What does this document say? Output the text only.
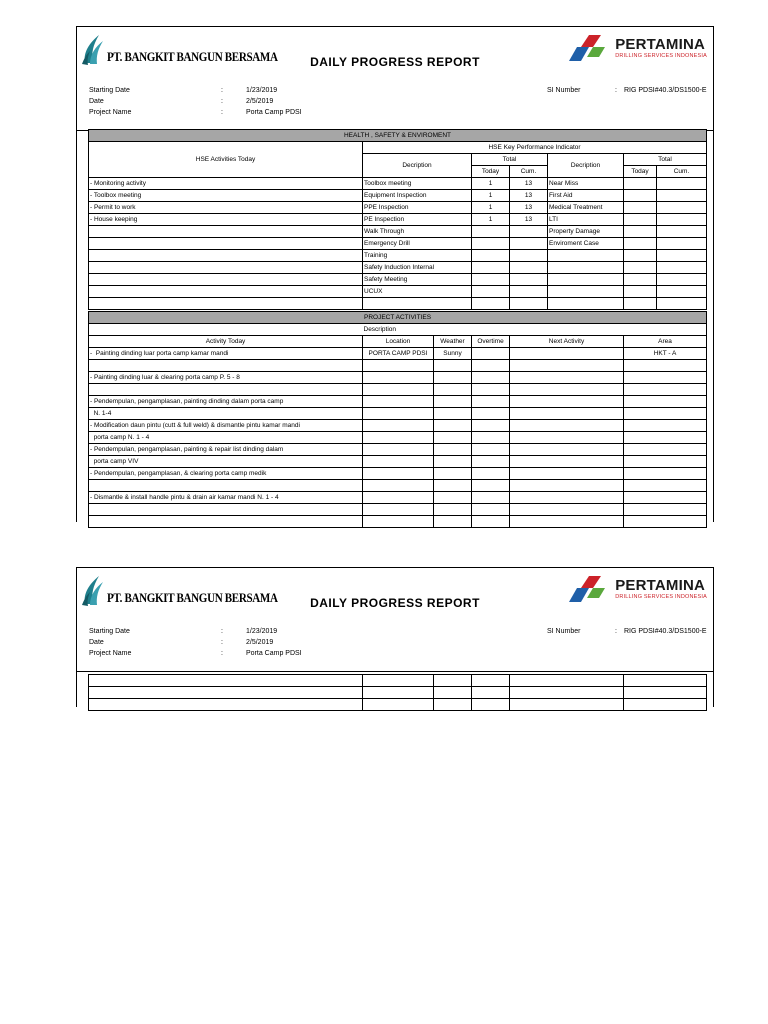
PT. BANGKIT BANGUN BERSAMA	DAILY PROGRESS REPORT
PERTAMINA
DRILLING SERVICES INDONESIA
Starting Date	:	1/23/2019
Date	:	2/5/2019
Project Name	:	Porta Camp PDSI
SI Number	:	RIG PDSI#40.3/DS1500-E
HEALTH , SAFETY & ENVIROMENT						
HSE Activities Today	HSE Key Performance Indicator					
	Decription	Total		Decription	Total	
		Today	Cum.		Today	Cum.
- Monitoring activity	Toolbox meeting	1	13	Near Miss		
- Toolbox meeting	Equipment Inspection	1	13	First Aid		
- Permit to work	PPE Inspection	1	13	Medical Treatment		
- House keeping	PE Inspection	1	13	LTI		
	Walk Through			Property Damage		
	Emergency Drill			Enviroment Case		
	Training					
	Safety Induction Internal					
	Safety Meeting					
	UCUX					

PROJECT ACTIVITIES					
	Description				
Activity Today	Location	Weather	Overtime	Next Activity	Area
-  Painting dinding luar porta camp kamar mandi	PORTA CAMP PDSI	Sunny			HKT - A

- Painting dinding luar & clearing porta camp P. 5 - 8					

- Pendempulan, pengamplasan, painting dinding dalam porta camp					
N. 1-4					
- Modification daun pintu (cutt & full weld) & dismantle pintu kamar mandi					
porta camp N. 1 - 4					
- Pendempulan, pengamplasan, painting & repair list dinding dalam					
porta camp VIV					
- Pendempulan, pengamplasan, & clearing porta camp medik					

- Dismantle & install handle pintu & drain air kamar mandi N. 1 - 4					

PT. BANGKIT BANGUN BERSAMA	DAILY PROGRESS REPORT
PERTAMINA
DRILLING SERVICES INDONESIA
Starting Date	:	1/23/2019
Date	:	2/5/2019
Project Name	:	Porta Camp PDSI
SI Number	:	RIG PDSI#40.3/DS1500-E
